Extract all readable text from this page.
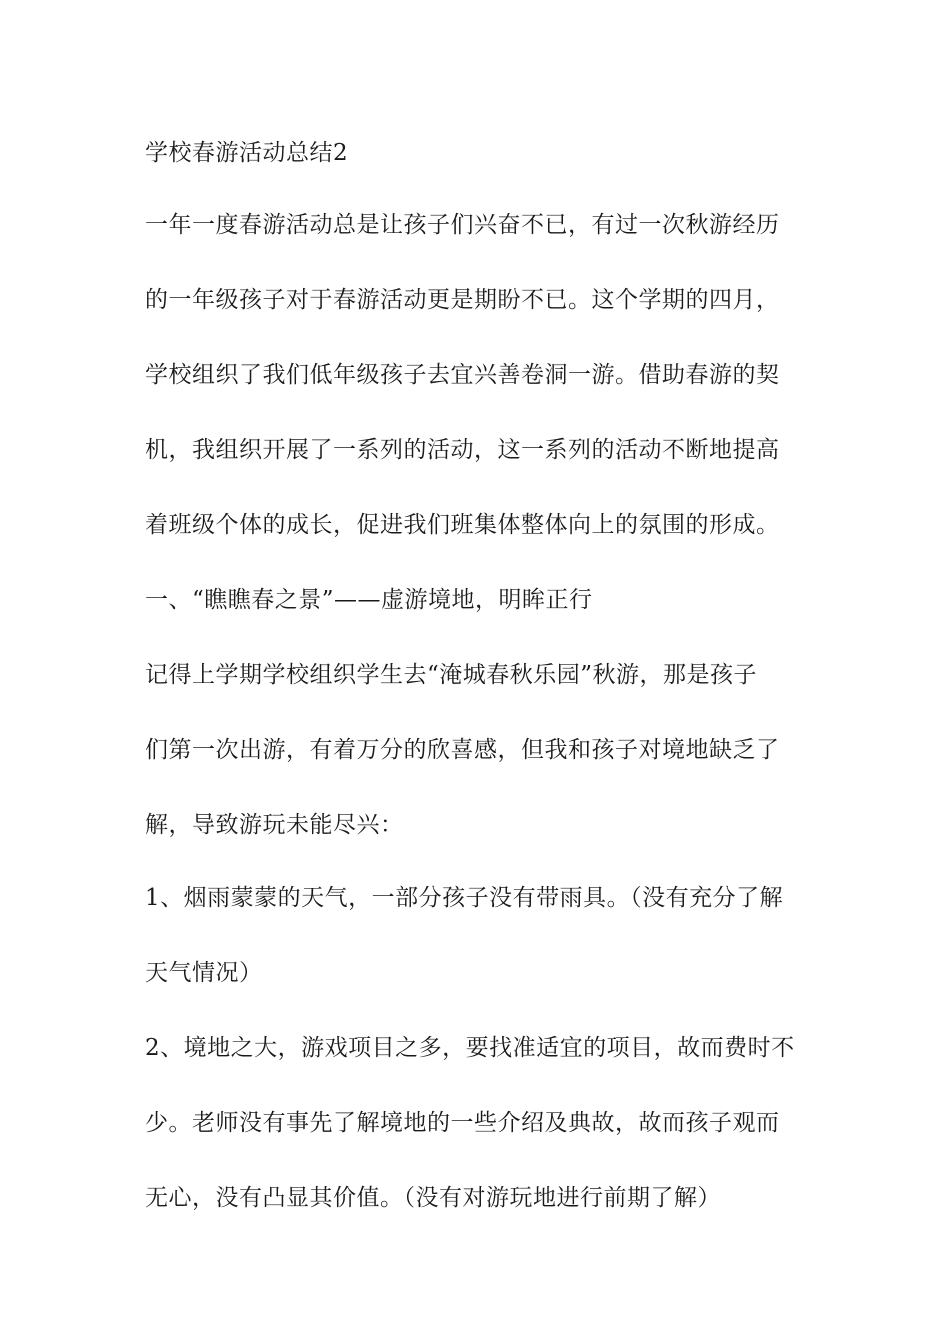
学校春游活动总结2
一年一度春游活动总是让孩子们兴奋不已，有过一次秋游经历
的一年级孩子对于春游活动更是期盼不已。这个学期的四月，
学校组织了我们低年级孩子去宜兴善卷洞一游。借助春游的契
机，我组织开展了一系列的活动，这一系列的活动不断地提高
着班级个体的成长，促进我们班集体整体向上的氛围的形成。
一、“瞧瞧春之景”——虚游境地，明眸正行
记得上学期学校组织学生去“淹城春秋乐园”秋游，那是孩子
们第一次出游，有着万分的欣喜感，但我和孩子对境地缺乏了
解，导致游玩未能尽兴：
1、烟雨蒙蒙的天气，一部分孩子没有带雨具。（没有充分了解
天气情况）
2、境地之大，游戏项目之多，要找准适宜的项目，故而费时不
少。老师没有事先了解境地的一些介绍及典故，故而孩子观而
无心，没有凸显其价值。（没有对游玩地进行前期了解）
